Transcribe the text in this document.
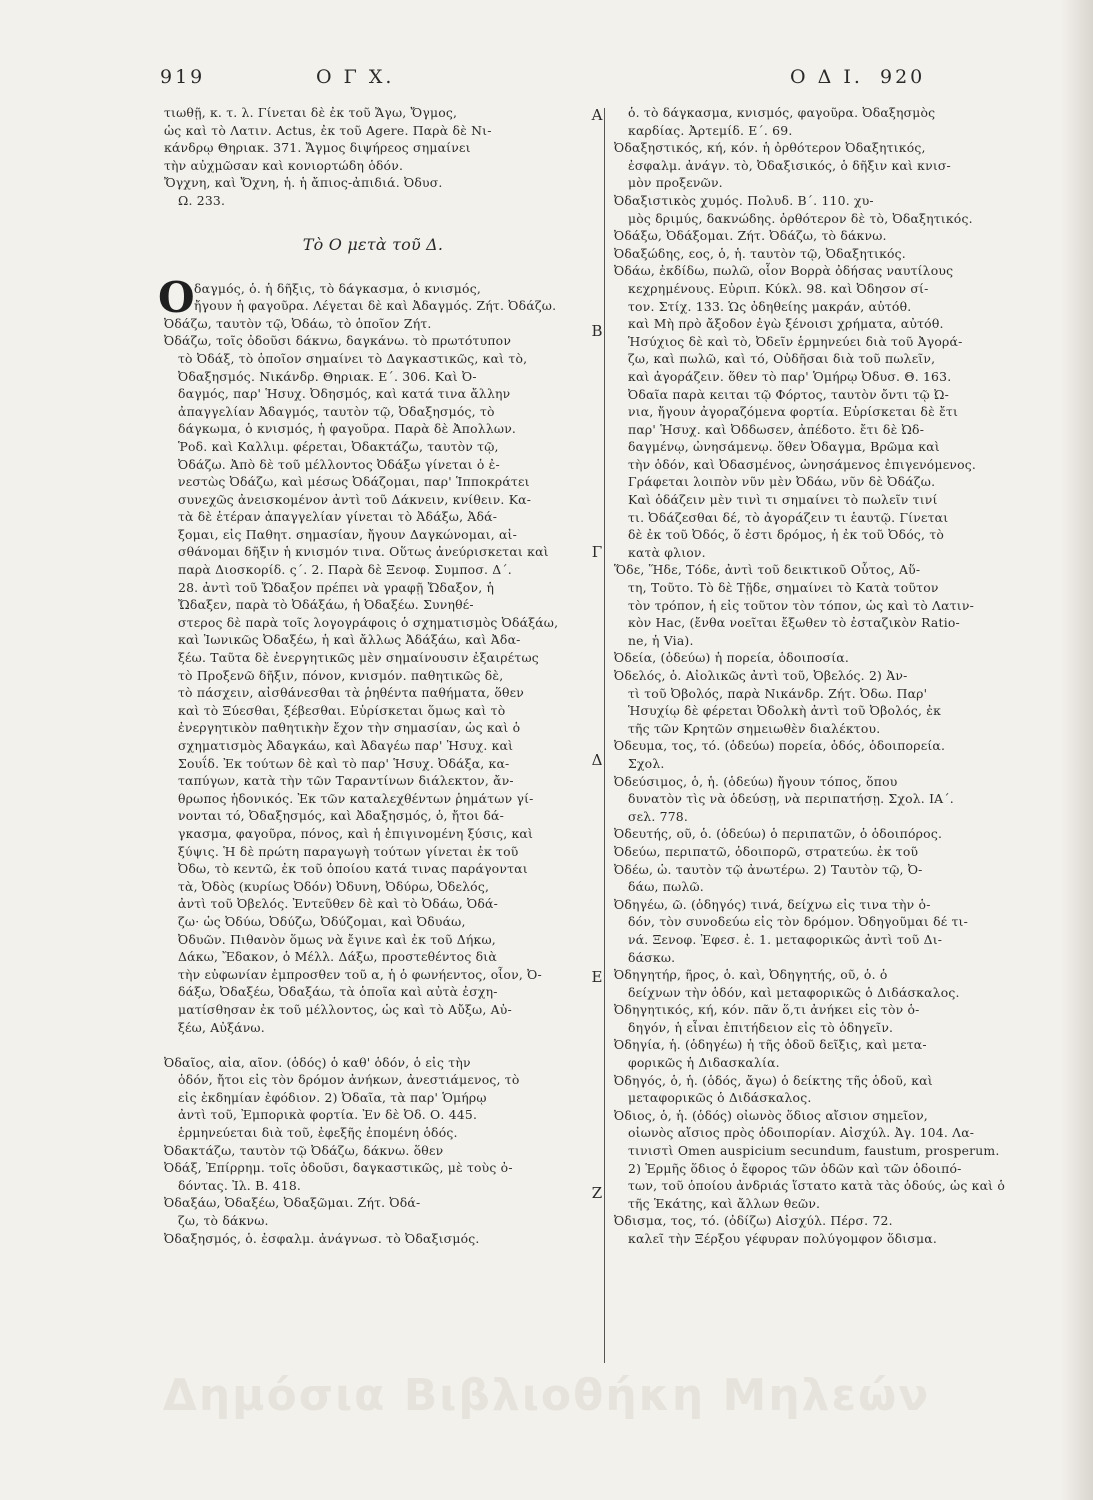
919	Ο Γ Χ.	Ο Δ Ι. 920
Α
Β
Γ
Δ
Ε
Ζ
τιωθῇ, κ. τ. λ. Γίνεται δὲ ἐκ τοῦ Ἄγω, Ὄγμος,
ὡς καὶ τὸ Λατιν. Actus, ἐκ τοῦ Agere. Παρὰ δὲ Νι-
κάνδρῳ Θηριακ. 371. Ἄγμος διψήρεος σημαίνει
τὴν αὐχμῶσαν καὶ κονιορτώδη ὁδόν.
Ὄγχνη, καὶ Ὄχνη, ἡ. ἡ ἄπιος-ἀπιδιά. Ὀδυσ.
Ω. 233.
Τὸ Ο μετὰ τοῦ Δ.
Ο δαγμός, ὁ. ἡ δῆξις, τὸ δάγκασμα, ὁ κνισμός,
ἤγουν ἡ φαγοῦρα. Λέγεται δὲ καὶ Ἀδαγμός. Ζήτ. Ὀδάζω.
Ὀδάζω, ταυτὸν τῷ, Ὀδάω, τὸ ὁποῖον Ζήτ.
Ὀδάζω, τοῖς ὀδοῦσι δάκνω, δαγκάνω. τὸ πρωτότυπον
τὸ Ὀδάξ, τὸ ὁποῖον σημαίνει τὸ Δαγκαστικῶς, καὶ τὸ,
Ὀδαξησμός. Νικάνδρ. Θηριακ. Ε΄. 306. Καὶ Ὀ-
δαγμός, παρ' Ἡσυχ. Ὀδησμός, καὶ κατά τινα ἄλλην
ἀπαγγελίαν Ἀδαγμός, ταυτὸν τῷ, Ὀδαξησμός, τὸ
δάγκωμα, ὁ κνισμός, ἡ φαγοῦρα. Παρὰ δὲ Ἀπολλων.
Ῥοδ. καὶ Καλλιμ. φέρεται, Ὀδακτάζω, ταυτὸν τῷ,
Ὀδάζω. Ἀπὸ δὲ τοῦ μέλλοντος Ὀδάξω γίνεται ὁ ἐ-
νεστὼς Ὀδάζω, καὶ μέσως Ὀδάζομαι, παρ' Ἱπποκράτει
συνεχῶς ἀνεισκομένον ἀντὶ τοῦ Δάκνειν, κνίθειν. Κα-
τὰ δὲ ἑτέραν ἀπαγγελίαν γίνεται τὸ Ἀδάξω, Ἀδά-
ξομαι, εἰς Παθητ. σημασίαν, ἤγουν Δαγκώνομαι, αἰ-
σθάνομαι δῆξιν ἡ κνισμόν τινα. Οὕτως ἀνεύρισκεται καὶ
παρὰ Διοσκορίδ. ς΄. 2. Παρὰ δὲ Ξενοφ. Συμποσ. Δ΄.
28. ἀντὶ τοῦ Ὤδαξον πρέπει νὰ γραφῇ Ὤδαξον, ἡ
Ὤδαξεν, παρὰ τὸ Ὀδάξάω, ἡ Ὀδαξέω. Συνηθέ-
στερος δὲ παρὰ τοῖς λογογράφοις ὁ σχηματισμὸς Ὀδάξάω,
καὶ Ἰωνικῶς Ὀδαξέω, ἡ καὶ ἄλλως Ἀδάξάω, καὶ Ἀδα-
ξέω. Ταῦτα δὲ ἐνεργητικῶς μὲν σημαίνουσιν ἐξαιρέτως
τὸ Προξενῶ δῆξιν, πόνον, κνισμόν. παθητικῶς δὲ,
τὸ πάσχειν, αἰσθάνεσθαι τὰ ῥηθέντα παθήματα, ὅθεν
καὶ τὸ Ξύεσθαι, ξέβεσθαι. Εὑρίσκεται ὅμως καὶ τὸ
ἐνεργητικὸν παθητικὴν ἔχον τὴν σημασίαν, ὡς καὶ ὁ
σχηματισμὸς Ἀδαγκάω, καὶ Ἀδαγέω παρ' Ἡσυχ. καὶ
Σουΐδ. Ἐκ τούτων δὲ καὶ τὸ παρ' Ἡσυχ. Ὀδάξα, κα-
ταπύγων, κατὰ τὴν τῶν Ταραντίνων διάλεκτον, ἄν-
θρωπος ἡδονικός. Ἐκ τῶν καταλεχθέντων ῥημάτων γί-
νονται τό, Ὀδαξησμός, καὶ Ἀδαξησμός, ὁ, ἤτοι δά-
γκασμα, φαγοῦρα, πόνος, καὶ ἡ ἐπιγινομένη ξύσις, καὶ
ξύψις. Ἡ δὲ πρώτη παραγωγὴ τούτων γίνεται ἐκ τοῦ
Ὀδω, τὸ κεντῶ, ἐκ τοῦ ὁποίου κατά τινας παράγονται
τὰ, Ὀδὸς (κυρίως Ὀδόν) Ὀδυνη, Ὀδύρω, Ὀδελός,
ἀντὶ τοῦ Ὀβελός. Ἐντεῦθεν δὲ καὶ τὸ Ὀδάω, Ὀδά-
ζω· ὡς Ὀδύω, Ὀδύζω, Ὀδύζομαι, καὶ Ὀδυάω,
Ὀδυῶν. Πιθανὸν ὅμως νὰ ἔγινε καὶ ἐκ τοῦ Δήκω,
Δάκω, Ἔδακον, ὁ Μέλλ. Δάξω, προστεθέντος διὰ
τὴν εὐφωνίαν ἐμπροσθεν τοῦ α, ἡ ὁ φωνήεντος, οἷον, Ὀ-
δάξω, Ὀδαξέω, Ὀδαξάω, τὰ ὁποῖα καὶ αὐτὰ ἐσχη-
ματίσθησαν ἐκ τοῦ μέλλοντος, ὡς καὶ τὸ Αὔξω, Αὐ-
ξέω, Αὐξάνω.
Ὀδαῖος, αἰα, αῖον. (ὁδός) ὁ καθ' ὁδόν, ὁ εἰς τὴν
ὁδόν, ἤτοι εἰς τὸν δρόμον ἀνήκων, ἀνεστιάμενος, τὸ
εἰς ἐκδημίαν ἐφόδιον. 2) Ὀδαῖα, τὰ παρ' Ὁμήρῳ
ἀντὶ τοῦ, Ἐμπορικὰ φορτία. Ἐν δὲ Ὀδ. Ο. 445.
ἑρμηνεύεται διὰ τοῦ, ἐφεξῆς ἐπομένη ὁδός.
Ὀδακτάζω, ταυτὸν τῷ Ὀδάζω, δάκνω. ὅθεν
Ὀδάξ, Ἐπίρρημ. τοῖς ὀδοῦσι, δαγκαστικῶς, μὲ τοὺς ὀ-
δόντας. Ἰλ. Β. 418.
Ὀδαξάω, Ὀδαξέω, Ὀδαξῶμαι. Ζήτ. Ὀδά-
ζω, τὸ δάκνω.
Ὀδαξησμός, ὁ. ἐσφαλμ. ἀνάγνωσ. τὸ Ὀδαξισμός.
ὁ. τὸ δάγκασμα, κνισμός, φαγοῦρα. Ὀδαξησμὸς
καρδίας. Ἀρτεμίδ. Ε΄. 69.
Ὀδαξηστικός, κή, κόν. ἡ ὀρθότερον Ὀδαξητικός,
ἐσφαλμ. ἀνάγν. τὸ, Ὀδαξισικός, ὁ δῆξιν καὶ κνισ-
μὸν προξενῶν.
Ὀδαξιστικὸς χυμός. Πολυδ. Β΄. 110. χυ-
μὸς δριμύς, δακνώδης. ὀρθότερον δὲ τὸ, Ὀδαξητικός.
Ὀδάξω, Ὀδάξομαι. Ζήτ. Ὀδάζω, τὸ δάκνω.
Ὀδαξώδης, εος, ὁ, ἡ. ταυτὸν τῷ, Ὀδαξητικός.
Ὀδάω, ἐκδίδω, πωλῶ, οἷον Βορρὰ ὀδήσας ναυτίλους
κεχρημένους. Εὐριπ. Κύκλ. 98. καὶ Ὀδησον σί-
τον. Στίχ. 133. Ὡς ὀδηθείης μακράν, αὐτόθ.
καὶ Μὴ πρὸ ἄξοδον ἐγὼ ξένοισι χρήματα, αὐτόθ.
Ἡσύχιος δὲ καὶ τὸ, Ὀδεῖν ἑρμηνεύει διὰ τοῦ Ἀγορά-
ζω, καὶ πωλῶ, καὶ τό, Οὐδῆσαι διὰ τοῦ πωλεῖν,
καὶ ἀγοράζειν. ὅθεν τὸ παρ' Ὁμήρῳ Ὀδυσ. Θ. 163.
Ὀδαῖα παρὰ κειται τῷ Φόρτος, ταυτὸν ὄντι τῷ Ὠ-
νια, ἤγουν ἀγοραζόμενα φορτία. Εὑρίσκεται δὲ ἔτι
παρ' Ἡσυχ. καὶ Ὀδδωσεν, ἀπέδοτο. ἔτι δὲ Ὠδ-
δαγμένῳ, ὠνησάμενῳ. ὅθεν Ὀδαγμα, Βρῶμα καὶ
τὴν ὁδόν, καὶ Ὀδασμένος, ὠνησάμενος ἐπιγενόμενος.
Γράφεται λοιπὸν νῦν μὲν Ὀδάω, νῦν δὲ Ὀδάζω.
Καὶ ὁδάζειν μὲν τινὶ τι σημαίνει τὸ πωλεῖν τινί
τι. Ὀδάζεσθαι δέ, τὸ ἀγοράζειν τι ἑαυτῷ. Γίνεται
δὲ ἐκ τοῦ Ὀδός, ὅ ἐστι δρόμος, ἡ ἐκ τοῦ Ὀδός, τὸ
κατὰ φλιον.
Ὅδε, Ἥδε, Τόδε, ἀντὶ τοῦ δεικτικοῦ Οὗτος, Αὕ-
τη, Τοῦτο. Τὸ δὲ Τῇδε, σημαίνει τὸ Κατὰ τοῦτον
τὸν τρόπον, ἡ εἰς τοῦτον τὸν τόπον, ὡς καὶ τὸ Λατιν-
κὸν Hac, (ἔνθα νοεῖται ἔξωθεν τὸ ἐσταζικὸν Ratio-
ne, ἡ Via).
Ὀδεία, (ὁδεύω) ἡ πορεία, ὁδοιποσία.
Ὀδελός, ὁ. Αἰολικῶς ἀντὶ τοῦ, Ὀβελός. 2) Ἀν-
τὶ τοῦ Ὀβολός, παρὰ Νικάνδρ. Ζήτ. Ὀδω. Παρ'
Ἡσυχίῳ δὲ φέρεται Ὀδολκὴ ἀντὶ τοῦ Ὀβολός, ἐκ
τῆς τῶν Κρητῶν σημειωθὲν διαλέκτου.
Ὀδευμα, τος, τό. (ὁδεύω) πορεία, ὁδός, ὁδοιπορεία.
Σχολ.
Ὀδεύσιμος, ὁ, ἡ. (ὁδεύω) ἤγουν τόπος, ὅπου
δυνατὸν τὶς νὰ ὁδεύσῃ, νὰ περιπατήσῃ. Σχολ. ΙΑ΄.
σελ. 778.
Ὀδευτής, οῦ, ὁ. (ὁδεύω) ὁ περιπατῶν, ὁ ὁδοιπόρος.
Ὀδεύω, περιπατῶ, ὁδοιπορῶ, στρατεύω. ἐκ τοῦ
Ὀδέω, ὡ. ταυτὸν τῷ ἀνωτέρω. 2) Ταυτὸν τῷ, Ὀ-
δάω, πωλῶ.
Ὀδηγέω, ῶ. (ὁδηγός) τινά, δείχνω εἰς τινα τὴν ὁ-
δόν, τὸν συνοδεύω εἰς τὸν δρόμον. Ὀδηγοῦμαι δέ τι-
νά. Ξενοφ. Ἐφεσ. ἐ. 1. μεταφορικῶς ἀντὶ τοῦ Δι-
δάσκω.
Ὀδηγητήρ, ῆρος, ὁ. καὶ, Ὀδηγητής, οῦ, ὁ. ὁ
δείχνων τὴν ὁδόν, καὶ μεταφορικῶς ὁ Διδάσκαλος.
Ὀδηγητικός, κή, κόν. πᾶν ὅ,τι ἀνήκει εἰς τὸν ὁ-
δηγόν, ἡ εἶναι ἐπιτήδειον εἰς τὸ ὁδηγεῖν.
Ὀδηγία, ἡ. (ὁδηγέω) ἡ τῆς ὁδοῦ δεῖξις, καὶ μετα-
φορικῶς ἡ Διδασκαλία.
Ὀδηγός, ὁ, ἡ. (ὁδός, ἄγω) ὁ δείκτης τῆς ὁδοῦ, καὶ
μεταφορικῶς ὁ Διδάσκαλος.
Ὀδιος, ὁ, ἡ. (ὁδός) οἰωνὸς ὅδιος αἴσιον σημεῖον,
οἰωνὸς αἴσιος πρὸς ὁδοιπορίαν. Αἰσχύλ. Ἀγ. 104. Λα-
τινιστὶ Omen auspicium secundum, faustum, prosperum.
2) Ἑρμῆς ὅδιος ὁ ἔφορος τῶν ὁδῶν καὶ τῶν ὁδοιπό-
των, τοῦ ὁποίου ἀνδριάς ἵστατο κατὰ τὰς ὁδούς, ὡς καὶ ὁ
τῆς Ἑκάτης, καὶ ἄλλων θεῶν.
Ὀδισμα, τος, τό. (ὀδίζω) Αἰσχύλ. Πέρσ. 72.
καλεῖ τὴν Ξέρξου γέφυραν πολύγομφον ὅδισμα.
Δημόσια Βιβλιοθήκη Μηλεών
